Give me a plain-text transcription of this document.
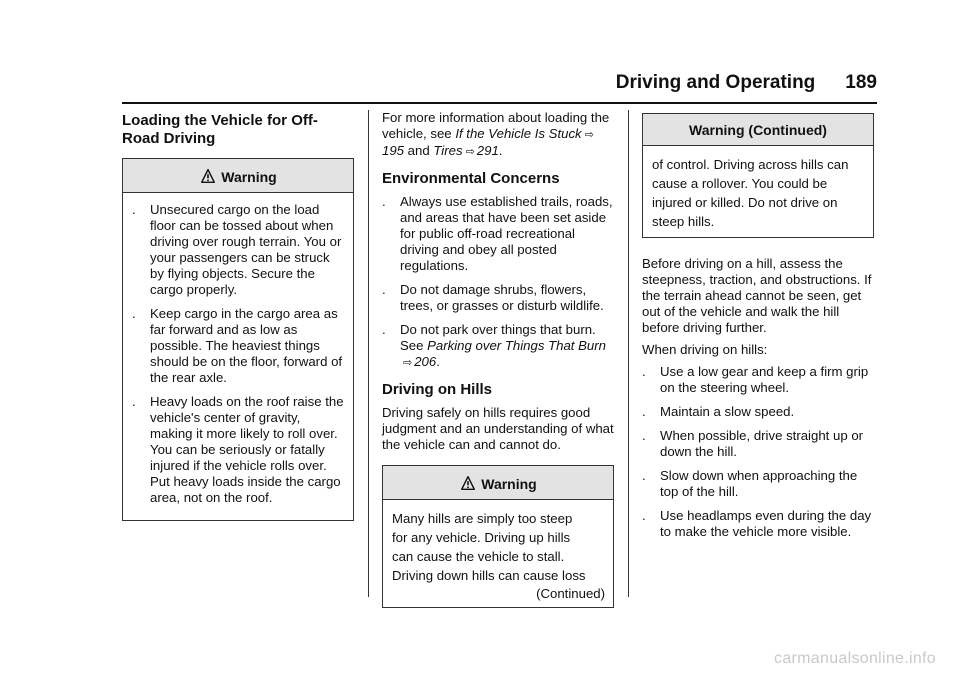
Driving and Operating 189
Loading the Vehicle for Off-Road Driving
Warning
. Unsecured cargo on the load floor can be tossed about when driving over rough terrain. You or your passengers can be struck by flying objects. Secure the cargo properly.
. Keep cargo in the cargo area as far forward and as low as possible. The heaviest things should be on the floor, forward of the rear axle.
. Heavy loads on the roof raise the vehicle's center of gravity, making it more likely to roll over. You can be seriously or fatally injured if the vehicle rolls over. Put heavy loads inside the cargo area, not on the roof.

For more information about loading the vehicle, see If the Vehicle Is Stuck ⇨195 and Tires ⇨ 291.

Environmental Concerns
. Always use established trails, roads, and areas that have been set aside for public off-road recreational driving and obey all posted regulations.
. Do not damage shrubs, flowers, trees, or grasses or disturb wildlife.
. Do not park over things that burn. See Parking over Things That Burn⇨ 206.
Driving on Hills

Driving safely on hills requires good judgment and an understanding of what the vehicle can and cannot do.

Warning

Many hills are simply too steep

for any vehicle. Driving up hills

can cause the vehicle to stall.

Driving down hills can cause loss

(Continued)
Warning (Continued)

of control. Driving across hills can

cause a rollover. You could be

injured or killed. Do not drive on

steep hills.

Before driving on a hill, assess the steepness, traction, and obstructions. If the terrain ahead cannot be seen, get out of the vehicle and walk the hill before driving further.

When driving on hills:

. Use a low gear and keep a firm grip on the steering wheel.
. Maintain a slow speed.
. When possible, drive straight up or down the hill.
. Slow down when approaching the top of the hill.
. Use headlamps even during the day to make the vehicle more visible.
carmanualsonline.info
